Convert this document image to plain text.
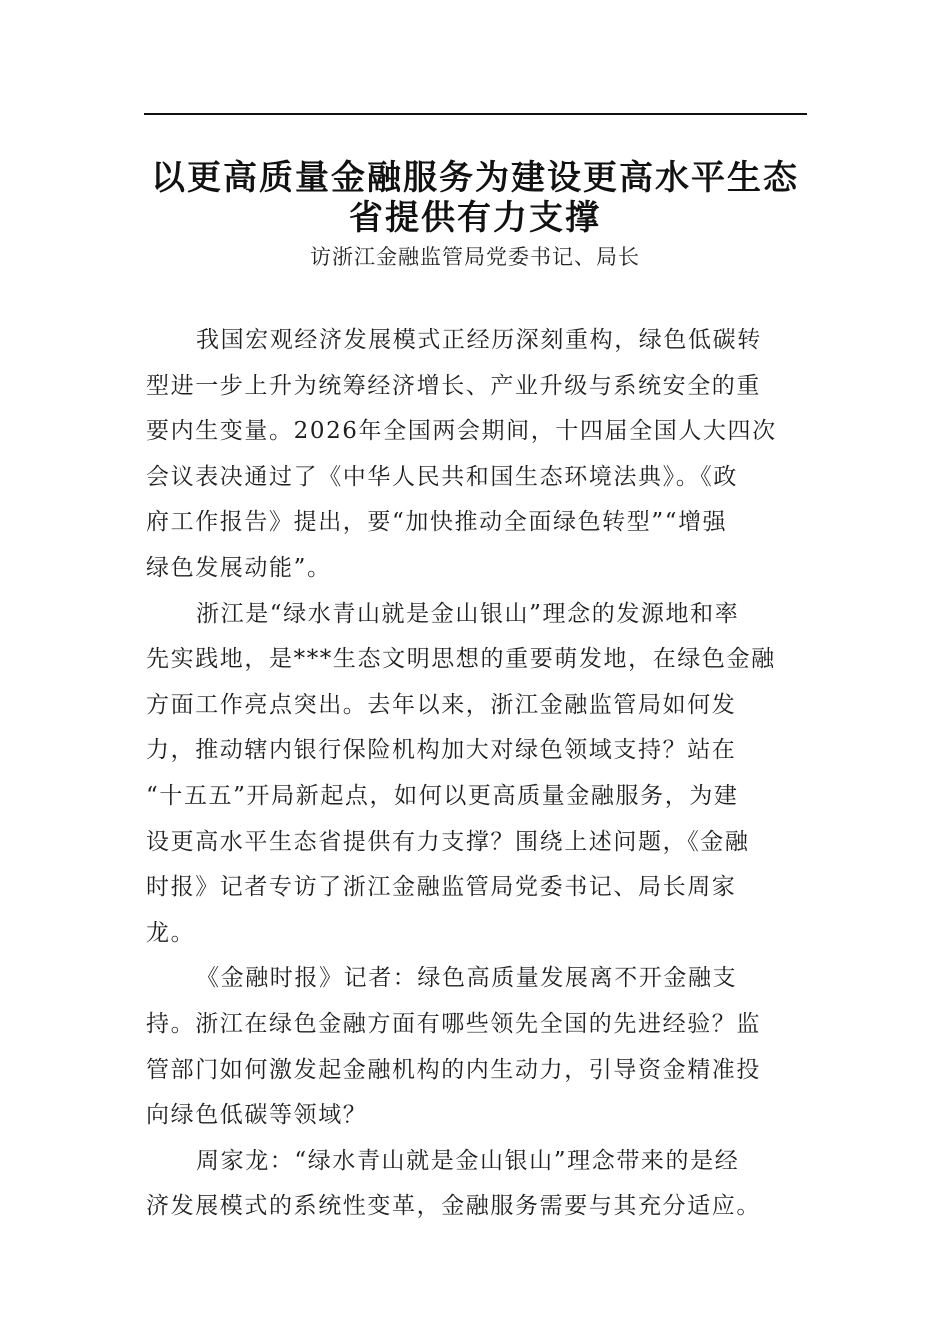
以更高质量金融服务为建设更高水平生态
省提供有力支撑
访浙江金融监管局党委书记、局长
我国宏观经济发展模式正经历深刻重构，绿色低碳转
型进一步上升为统筹经济增长、产业升级与系统安全的重
要内生变量。2026年全国两会期间，十四届全国人大四次
会议表决通过了《中华人民共和国生态环境法典》。《政
府工作报告》提出，要“加快推动全面绿色转型”“增强
绿色发展动能”。
浙江是“绿水青山就是金山银山”理念的发源地和率
先实践地，是***生态文明思想的重要萌发地，在绿色金融
方面工作亮点突出。去年以来，浙江金融监管局如何发
力，推动辖内银行保险机构加大对绿色领域支持？站在
“十五五”开局新起点，如何以更高质量金融服务，为建
设更高水平生态省提供有力支撑？围绕上述问题，《金融
时报》记者专访了浙江金融监管局党委书记、局长周家
龙。
《金融时报》记者：绿色高质量发展离不开金融支
持。浙江在绿色金融方面有哪些领先全国的先进经验？监
管部门如何激发起金融机构的内生动力，引导资金精准投
向绿色低碳等领域？
周家龙：“绿水青山就是金山银山”理念带来的是经
济发展模式的系统性变革，金融服务需要与其充分适应。
